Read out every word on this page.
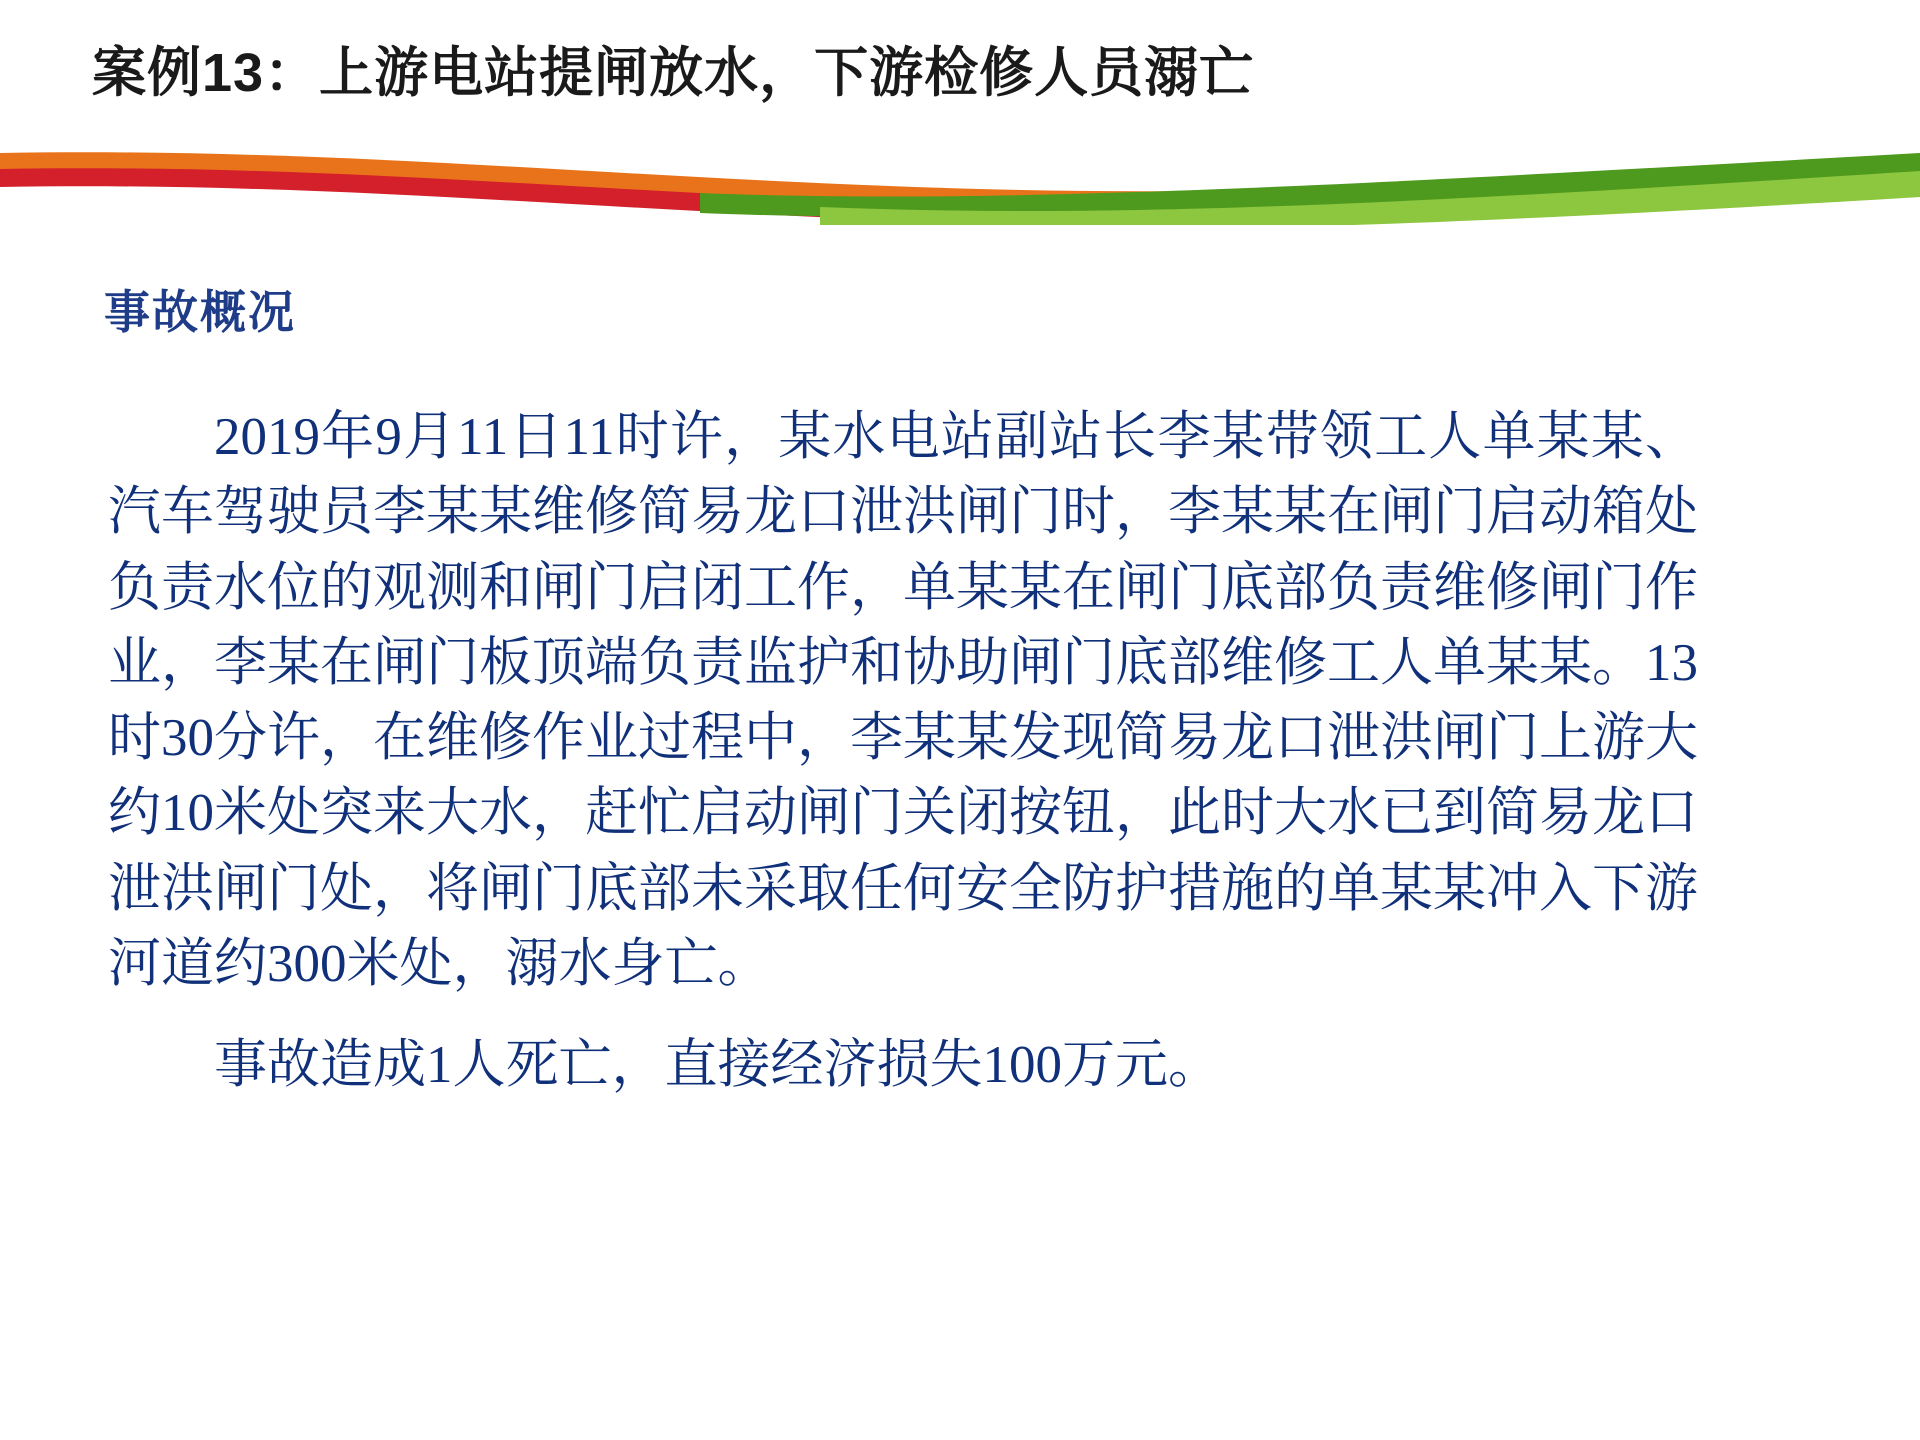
案例13：上游电站提闸放水，下游检修人员溺亡
事故概况

2019年9月11日11时许，某水电站副站长李某带领工人单某某、汽车驾驶员李某某维修简易龙口泄洪闸门时，李某某在闸门启动箱处负责水位的观测和闸门启闭工作，单某某在闸门底部负责维修闸门作业，李某在闸门板顶端负责监护和协助闸门底部维修工人单某某。13时30分许，在维修作业过程中，李某某发现简易龙口泄洪闸门上游大约10米处突来大水，赶忙启动闸门关闭按钮，此时大水已到简易龙口泄洪闸门处，将闸门底部未采取任何安全防护措施的单某某冲入下游河道约300米处，溺水身亡。

事故造成1人死亡，直接经济损失100万元。
